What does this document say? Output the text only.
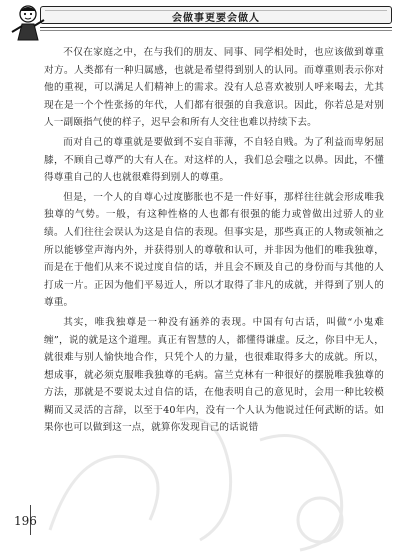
会做事更要会做人

不仅在家庭之中，在与我们的朋友、同事、同学相处时，也应该做到尊重对方。人类都有一种归属感，也就是希望得到别人的认同。而尊重则表示你对他的重视，可以满足人们精神上的需求。没有人总喜欢被别人呼来喝去，尤其现在是一个个性张扬的年代，人们都有很强的自我意识。因此，你若总是对别人一副颐指气使的样子，迟早会和所有人交往也难以持续下去。

而对自己的尊重就是要做到不妄自菲薄，不自轻自贱。为了利益而卑躬屈膝，不顾自己尊严的大有人在。对这样的人，我们总会嗤之以鼻。因此，不懂得尊重自己的人也就很难得到别人的尊重。

但是，一个人的自尊心过度膨胀也不是一件好事，那样往往就会形成唯我独尊的气势。一般，有这种性格的人也都有很强的能力或曾做出过骄人的业绩。人们往往会误认为这是自信的表现。但事实是，那些真正的人物或领袖之所以能够堂声海内外，并获得别人的尊敬和认可，并非因为他们的唯我独尊，而是在于他们从来不说过度自信的话，并且会不顾及自己的身份而与其他的人打成一片。正因为他们平易近人，所以才取得了非凡的成就，并得到了别人的尊重。

其实，唯我独尊是一种没有涵养的表现。中国有句古话，叫做“小鬼难缠”，说的就是这个道理。真正有智慧的人，都懂得谦虚。反之，你目中无人，就很难与别人愉快地合作，只凭个人的力量，也很难取得多大的成就。所以，想成事，就必须克服唯我独尊的毛病。富兰克林有一种很好的摆脱唯我独尊的方法，那就是不要说太过自信的话，在他表明自己的意见时，会用一种比较模糊而又灵活的言辞，以至于40年内，没有一个人认为他说过任何武断的话。如果你也可以做到这一点，就算你发现自己的话说错

196
